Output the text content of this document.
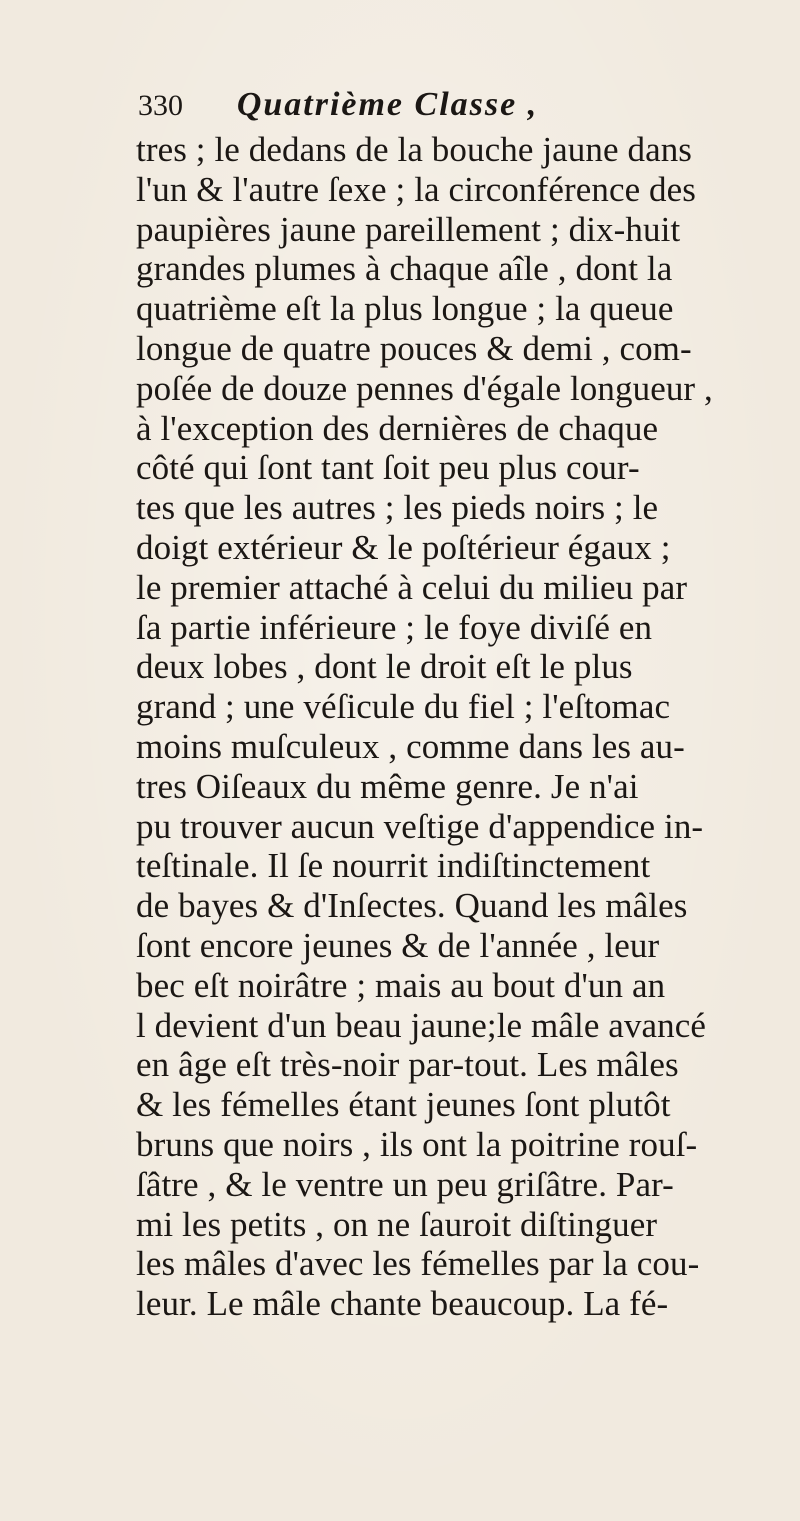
330 Quatrième Classe ,
tres ; le dedans de la bouche jaune dans
l'un & l'autre ſexe ; la circonférence des
paupières jaune pareillement ; dix-huit
grandes plumes à chaque aîle , dont la
quatrième eſt la plus longue ; la queue
longue de quatre pouces & demi , com-
poſée de douze pennes d'égale longueur ,
à l'exception des dernières de chaque
côté qui ſont tant ſoit peu plus cour-
tes que les autres ; les pieds noirs ; le
doigt extérieur & le poſtérieur égaux ;
le premier attaché à celui du milieu par
ſa partie inférieure ; le foye diviſé en
deux lobes , dont le droit eſt le plus
grand ; une véſicule du fiel ; l'eſtomac
moins muſculeux , comme dans les au-
tres Oiſeaux du même genre. Je n'ai
pu trouver aucun veſtige d'appendice in-
teſtinale. Il ſe nourrit indiſtinctement
de bayes & d'Inſectes. Quand les mâles
ſont encore jeunes & de l'année , leur
bec eſt noirâtre ; mais au bout d'un an
l devient d'un beau jaune;le mâle avancé
en âge eſt très-noir par-tout. Les mâles
& les fémelles étant jeunes ſont plutôt
bruns que noirs , ils ont la poitrine rouſ-
ſâtre , & le ventre un peu griſâtre. Par-
mi les petits , on ne ſauroit diſtinguer
les mâles d'avec les fémelles par la cou-
leur. Le mâle chante beaucoup. La fé-
